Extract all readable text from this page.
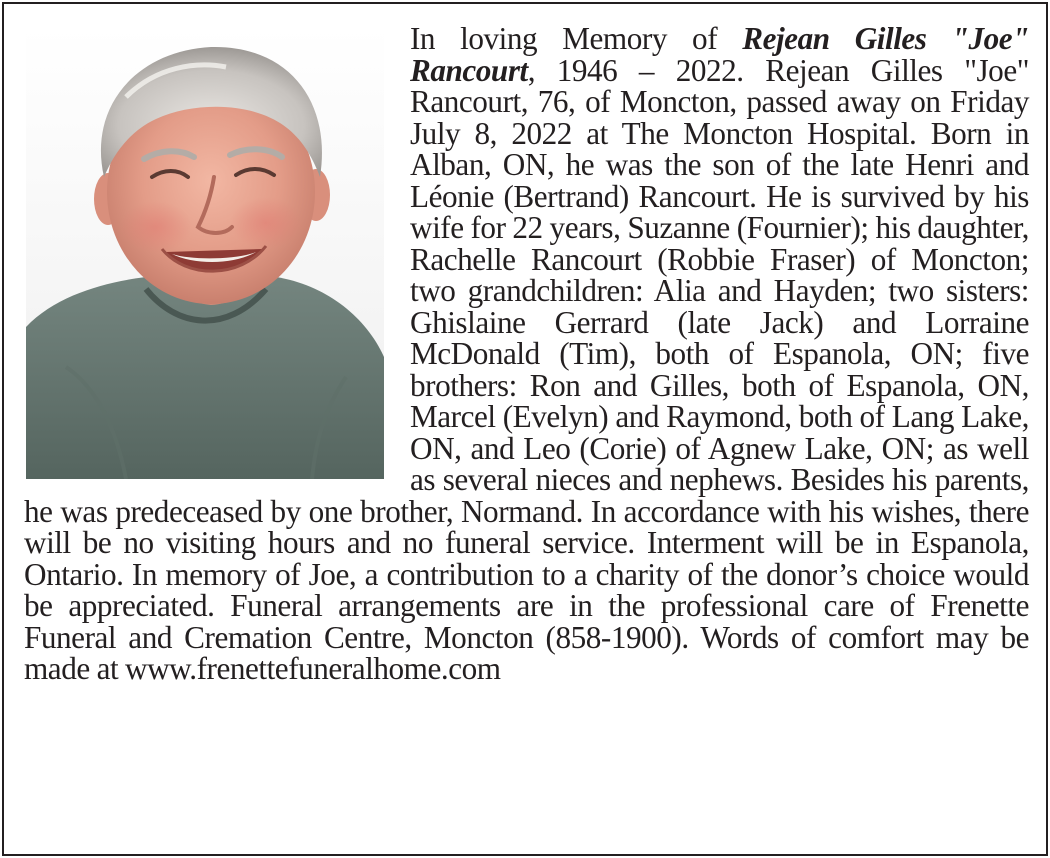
In loving Memory of Rejean Gilles "Joe" Rancourt, 1946 – 2022. Rejean Gilles "Joe" Rancourt, 76, of Moncton, passed away on Friday July 8, 2022 at The Moncton Hospital. Born in Alban, ON, he was the son of the late Henri and Léonie (Bertrand) Rancourt. He is survived by his wife for 22 years, Suzanne (Fournier); his daughter, Rachelle Rancourt (Robbie Fraser) of Moncton; two grandchildren: Alia and Hayden; two sisters: Ghislaine Gerrard (late Jack) and Lorraine McDonald (Tim), both of Espanola, ON; five brothers: Ron and Gilles, both of Espanola, ON, Marcel (Evelyn) and Raymond, both of Lang Lake, ON, and Leo (Corie) of Agnew Lake, ON; as well as several nieces and nephews. Besides his parents, he was predeceased by one brother, Normand. In accordance with his wishes, there will be no visiting hours and no funeral service. Interment will be in Espanola, Ontario. In memory of Joe, a contribution to a charity of the donor’s choice would be appreciated. Funeral arrangements are in the professional care of Frenette Funeral and Cremation Centre, Moncton (858-1900). Words of comfort may be made at www.frenettefuneralhome.com
